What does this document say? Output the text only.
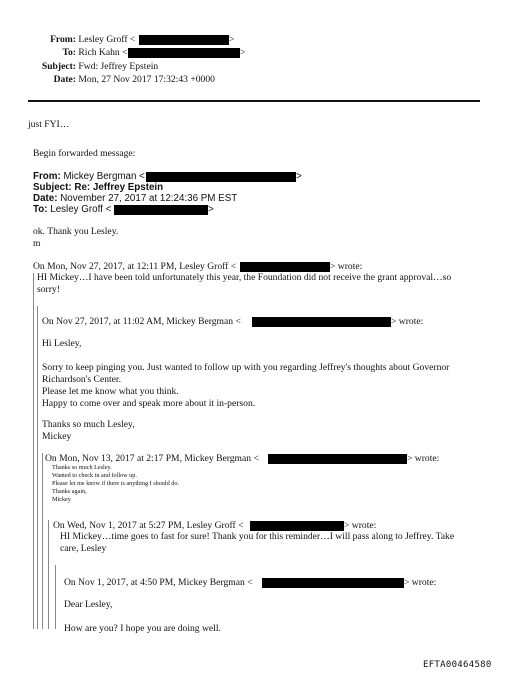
From: Lesley Groff <	>
To: Rich Kahn <	>
Subject: Fwd: Jeffrey Epstein
Date: Mon, 27 Nov 2017 17:32:43 +0000
just FYI…
Begin forwarded message:
From: Mickey Bergman <	>
Subject: Re: Jeffrey Epstein
Date: November 27, 2017 at 12:24:36 PM EST
To: Lesley Groff <	>
ok. Thank you Lesley.
m
On Mon, Nov 27, 2017, at 12:11 PM, Lesley Groff <	> wrote:
HI Mickey…I have been told unfortunately this year, the Foundation did not receive the grant approval…so
sorry!
On Nov 27, 2017, at 11:02 AM, Mickey Bergman <	> wrote:
Hi Lesley,
Sorry to keep pinging you. Just wanted to follow up with you regarding Jeffrey's thoughts about Governor
Richardson's Center.
Please let me know what you think.
Happy to come over and speak more about it in-person.
Thanks so much Lesley,
Mickey
On Mon, Nov 13, 2017 at 2:17 PM, Mickey Bergman <	> wrote:
Thanks so much Lesley.
Wanted to check in and follow up.
Please let me know if there is anything I should do.
Thanks again,
Mickey
On Wed, Nov 1, 2017 at 5:27 PM, Lesley Groff <	> wrote:
HI Mickey…time goes to fast for sure! Thank you for this reminder…I will pass along to Jeffrey. Take
care, Lesley
On Nov 1, 2017, at 4:50 PM, Mickey Bergman <	> wrote:
Dear Lesley,
How are you? I hope you are doing well.
EFTA00464580
